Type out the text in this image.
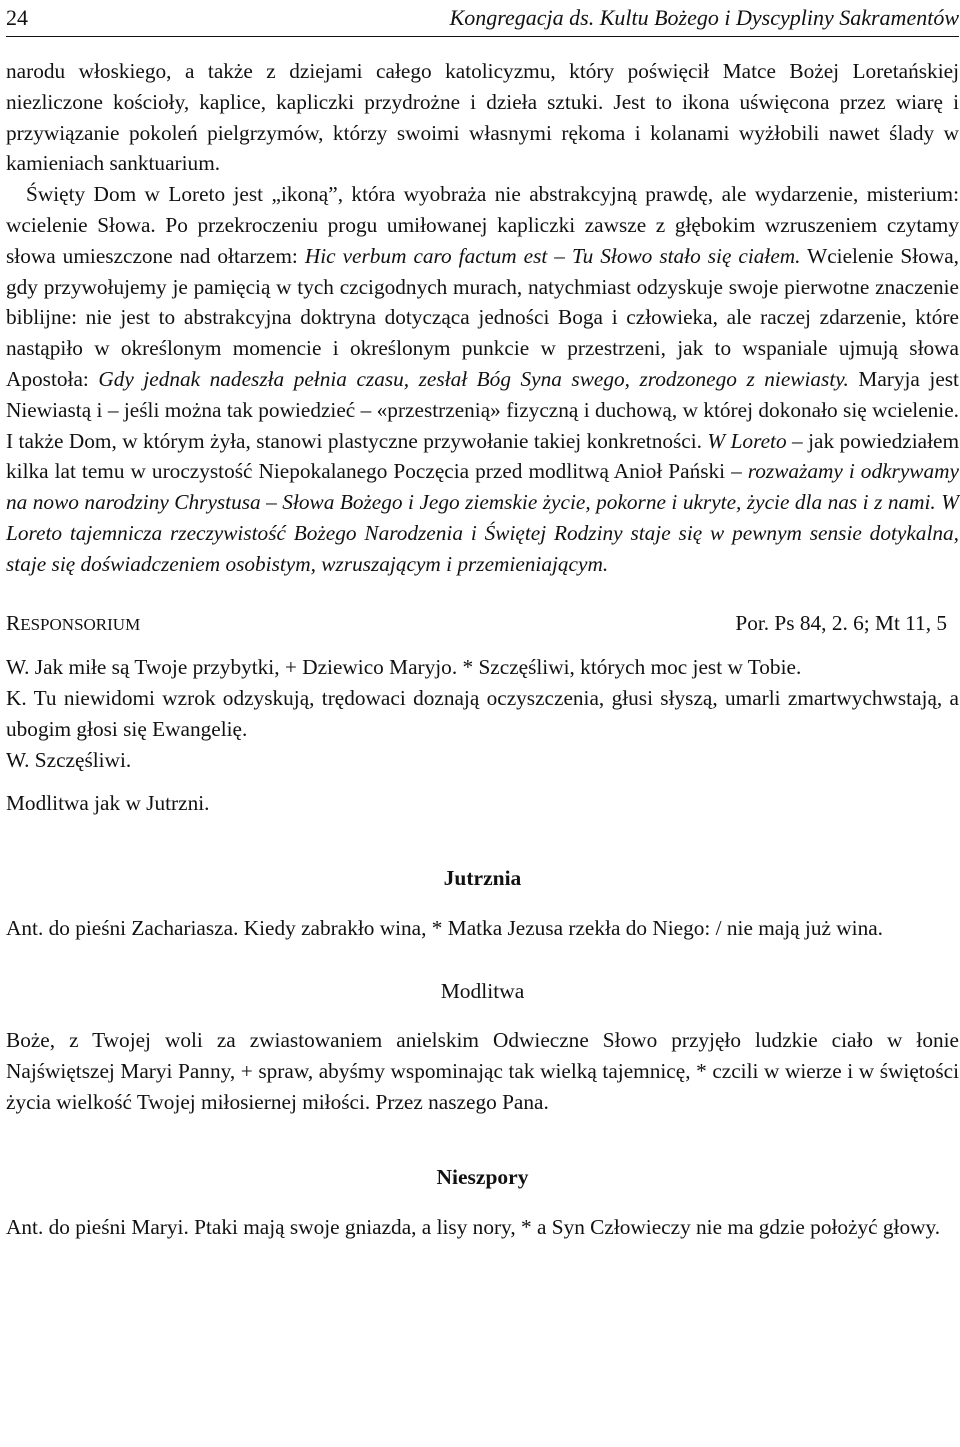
24	Kongregacja ds. Kultu Bożego i Dyscypliny Sakramentów

narodu włoskiego, a także z dziejami całego katolicyzmu, który poświęcił Matce Bożej Loretańskiej niezliczone kościoły, kaplice, kapliczki przydrożne i dzieła sztuki. Jest to ikona uświęcona przez wiarę i przywiązanie pokoleń pielgrzymów, którzy swoimi własnymi rękoma i kolanami wyżłobili nawet ślady w kamieniach sanktuarium.

Święty Dom w Loreto jest „ikoną”, która wyobraża nie abstrakcyjną prawdę, ale wydarzenie, misterium: wcielenie Słowa. Po przekroczeniu progu umiłowanej kapliczki zawsze z głębokim wzruszeniem czytamy słowa umieszczone nad ołtarzem: Hic verbum caro factum est – Tu Słowo stało się ciałem. Wcielenie Słowa, gdy przywołujemy je pamięcią w tych czcigodnych murach, natychmiast odzyskuje swoje pierwotne znaczenie biblijne: nie jest to abstrakcyjna doktryna dotycząca jedności Boga i człowieka, ale raczej zdarzenie, które nastąpiło w określonym momencie i określonym punkcie w przestrzeni, jak to wspaniale ujmują słowa Apostoła: Gdy jednak nadeszła pełnia czasu, zesłał Bóg Syna swego, zrodzonego z niewiasty. Maryja jest Niewiastą i – jeśli można tak powiedzieć – «przestrzenią» fizyczną i duchową, w której dokonało się wcielenie. I także Dom, w którym żyła, stanowi plastyczne przywołanie takiej konkretności. W Loreto – jak powiedziałem kilka lat temu w uroczystość Niepokalanego Poczęcia przed modlitwą Anioł Pański – rozważamy i odkrywamy na nowo narodziny Chrystusa – Słowa Bożego i Jego ziemskie życie, pokorne i ukryte, życie dla nas i z nami. W Loreto tajemnicza rzeczywistość Bożego Narodzenia i Świętej Rodziny staje się w pewnym sensie dotykalna, staje się doświadczeniem osobistym, wzruszającym i przemieniającym.

RESPONSORIUM	Por. Ps 84, 2. 6; Mt 11, 5

W. Jak miłe są Twoje przybytki, + Dziewico Maryjo. * Szczęśliwi, których moc jest w Tobie.

K. Tu niewidomi wzrok odzyskują, trędowaci doznają oczyszczenia, głusi słyszą, umarli zmartwychwstają, a ubogim głosi się Ewangelię.

W. Szczęśliwi.

Modlitwa jak w Jutrzni.
Jutrznia
Ant. do pieśni Zachariasza. Kiedy zabrakło wina, * Matka Jezusa rzekła do Niego: / nie mają już wina.
Modlitwa
Boże, z Twojej woli za zwiastowaniem anielskim Odwieczne Słowo przyjęło ludzkie ciało w łonie Najświętszej Maryi Panny, + spraw, abyśmy wspominając tak wielką tajemnicę, * czcili w wierze i w świętości życia wielkość Twojej miłosiernej miłości. Przez naszego Pana.
Nieszpory
Ant. do pieśni Maryi. Ptaki mają swoje gniazda, a lisy nory, * a Syn Człowieczy nie ma gdzie położyć głowy.
